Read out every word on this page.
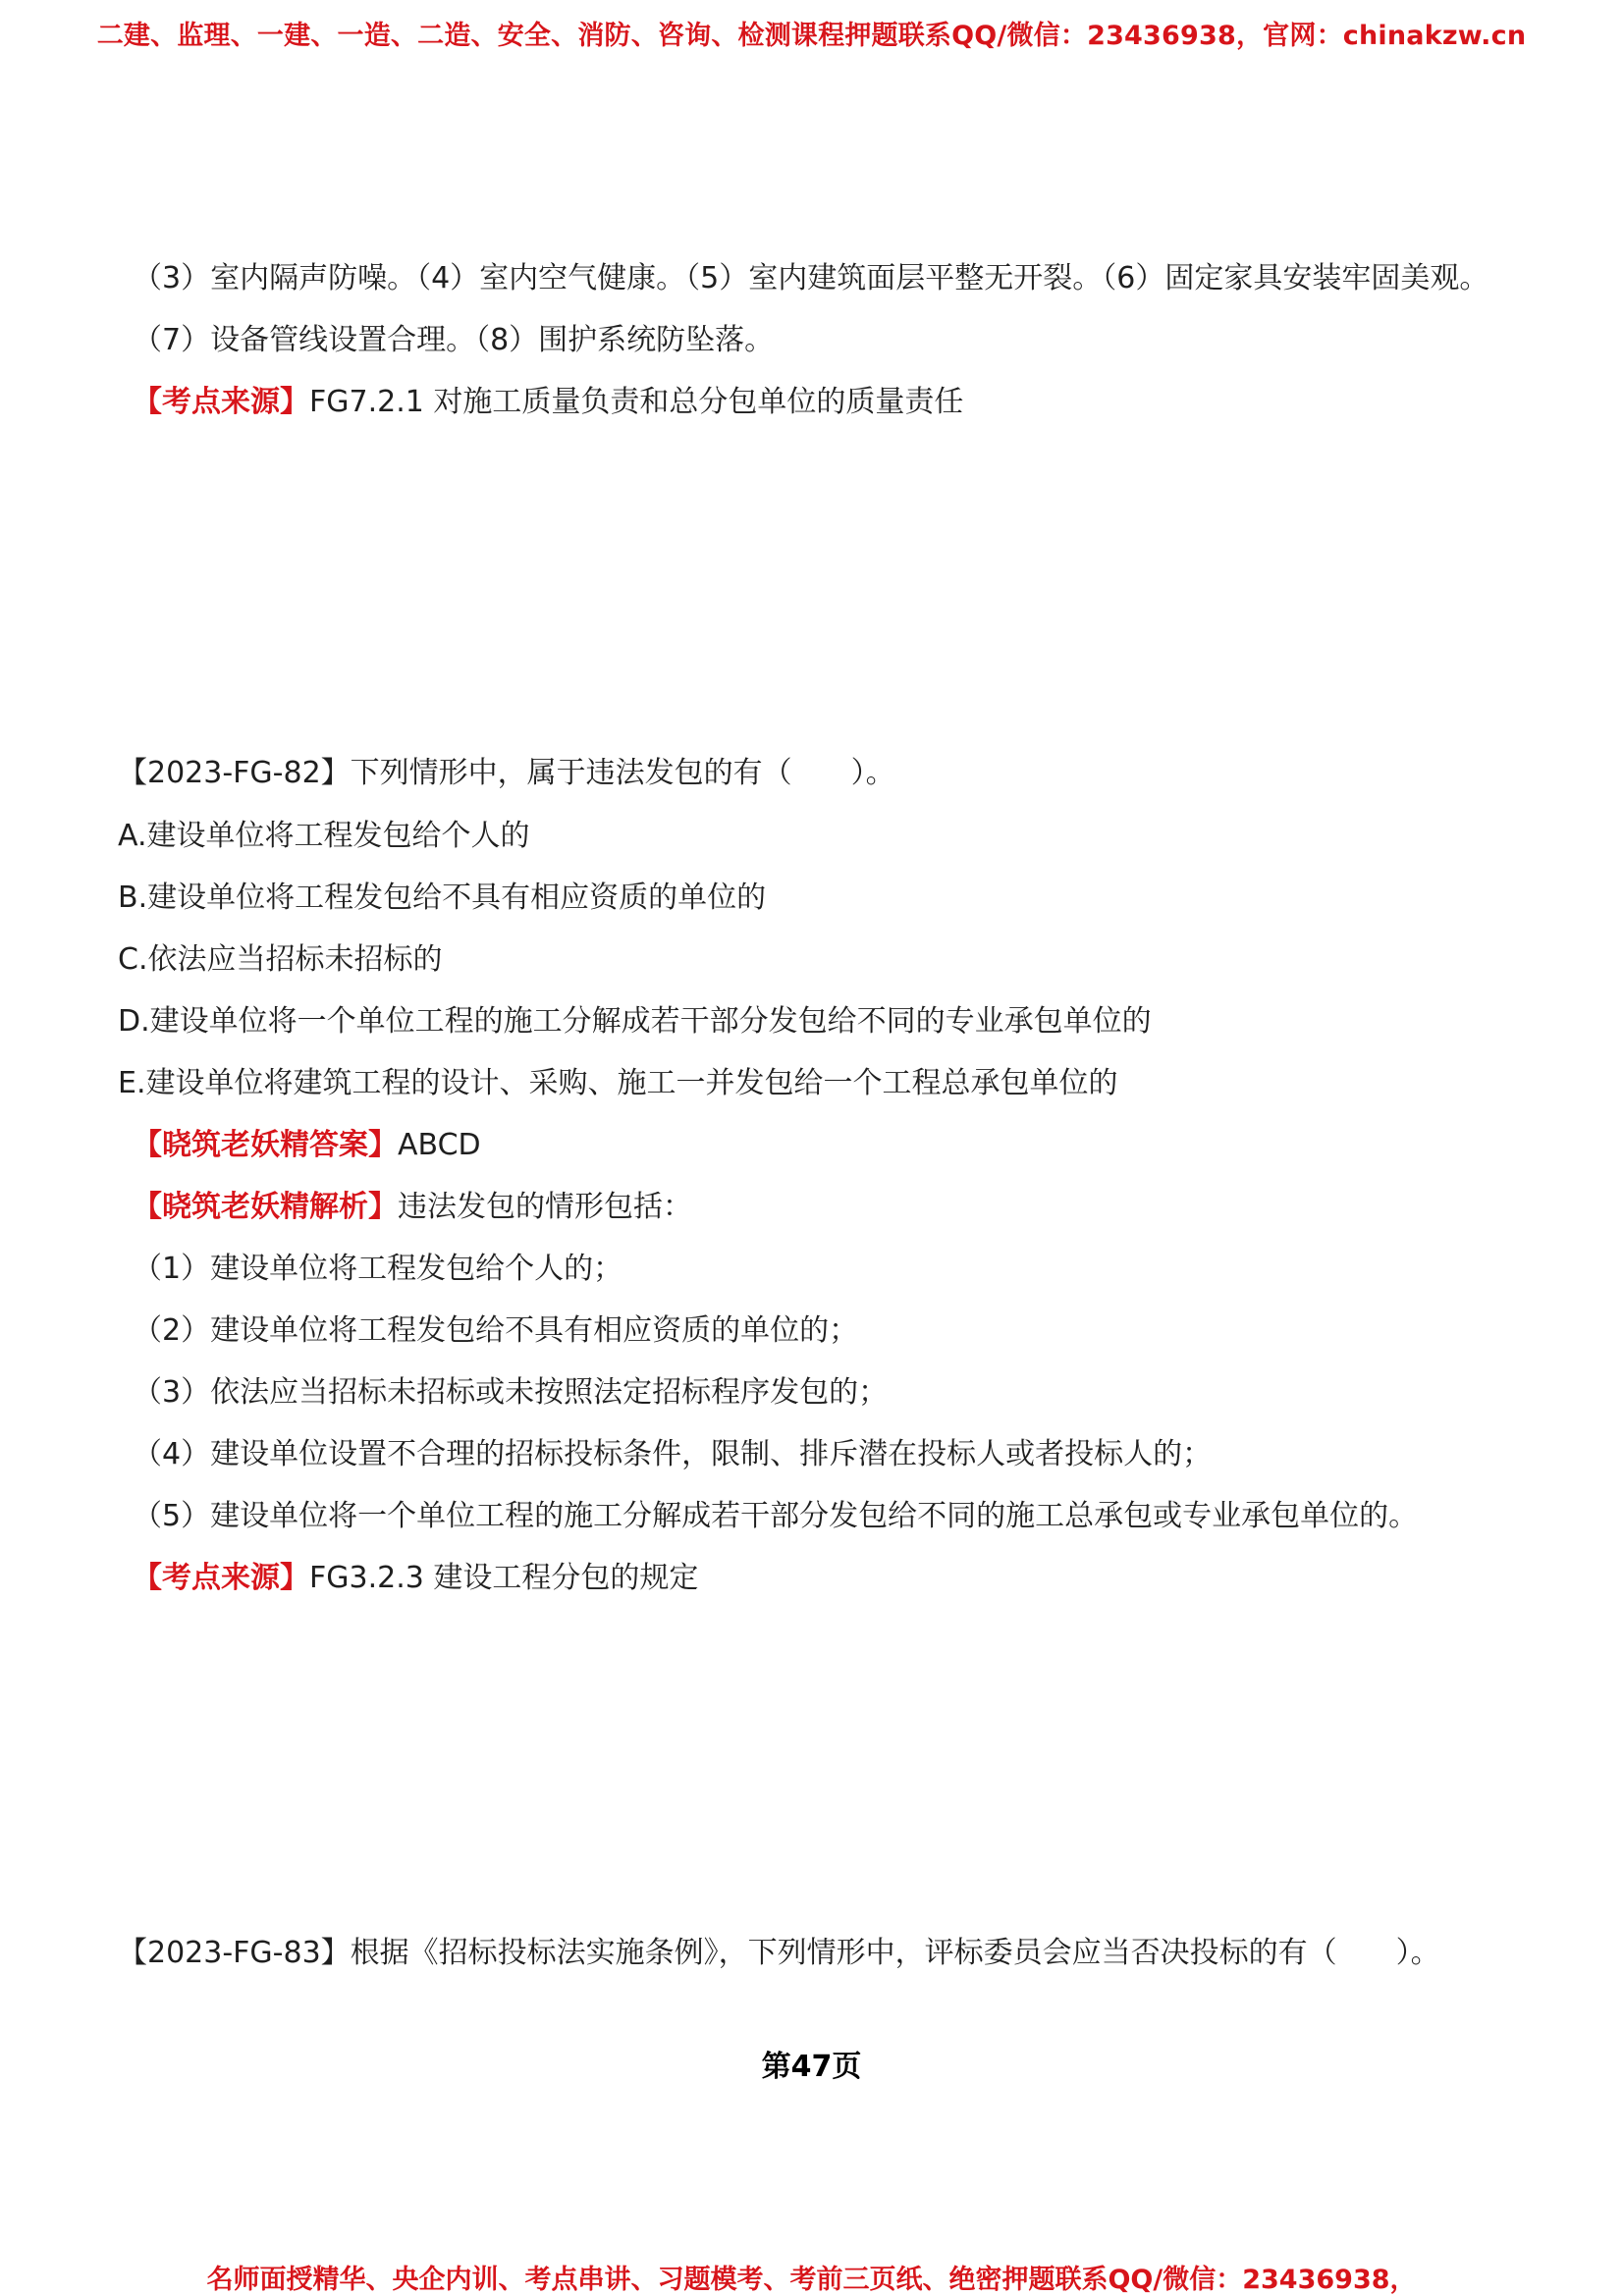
二建、监理、一建、一造、二造、安全、消防、咨询、检测课程押题联系QQ/微信：23436938，官网：chinakzw.cn
（3）室内隔声防噪。（4）室内空气健康。（5）室内建筑面层平整无开裂。（6）固定家具安装牢固美观。
（7）设备管线设置合理。（8）围护系统防坠落。
【考点来源】FG7.2.1 对施工质量负责和总分包单位的质量责任
【2023-FG-82】下列情形中，属于违法发包的有（　　）。
A.建设单位将工程发包给个人的
B.建设单位将工程发包给不具有相应资质的单位的
C.依法应当招标未招标的
D.建设单位将一个单位工程的施工分解成若干部分发包给不同的专业承包单位的
E.建设单位将建筑工程的设计、采购、施工一并发包给一个工程总承包单位的
【晓筑老妖精答案】ABCD
【晓筑老妖精解析】违法发包的情形包括：
（1）建设单位将工程发包给个人的；
（2）建设单位将工程发包给不具有相应资质的单位的；
（3）依法应当招标未招标或未按照法定招标程序发包的；
（4）建设单位设置不合理的招标投标条件，限制、排斥潜在投标人或者投标人的；
（5）建设单位将一个单位工程的施工分解成若干部分发包给不同的施工总承包或专业承包单位的。
【考点来源】FG3.2.3 建设工程分包的规定
【2023-FG-83】根据《招标投标法实施条例》，下列情形中，评标委员会应当否决投标的有（　　）。
第47页
名师面授精华、央企内训、考点串讲、习题模考、考前三页纸、绝密押题联系QQ/微信：23436938，
